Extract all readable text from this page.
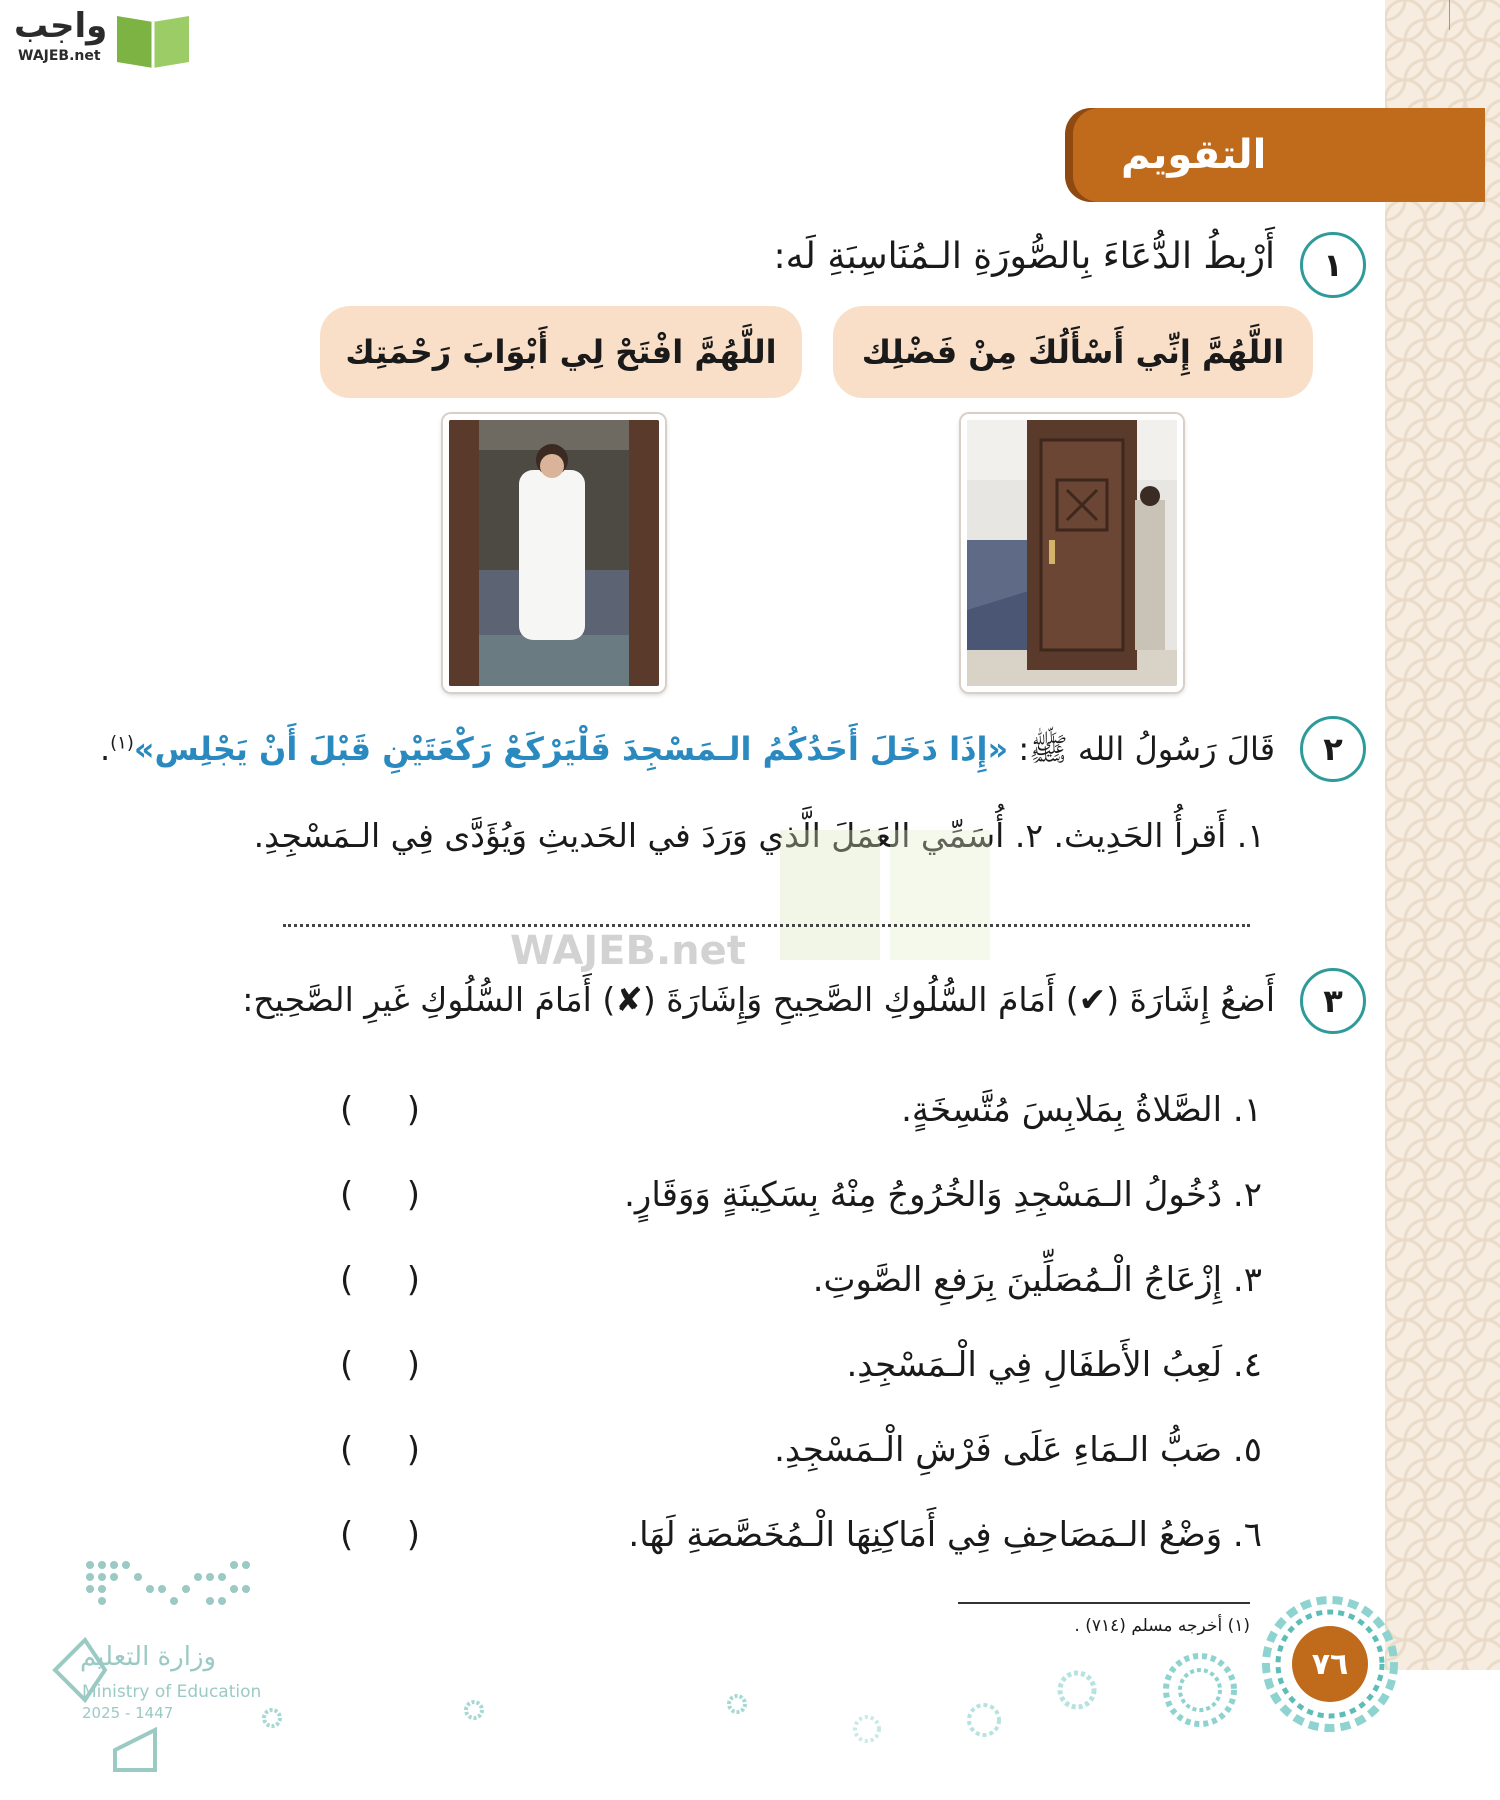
واجب
WAJEB.net
التقويم
١
أَرْبطُ الدُّعَاءَ بِالصُّورَةِ الـمُنَاسِبَةِ لَه:
اللَّهُمَّ إِنِّي أَسْأَلُكَ مِنْ فَضْلِك
اللَّهُمَّ افْتَحْ لِي أَبْوَابَ رَحْمَتِك
٢
قَالَ رَسُولُ الله ﷺ: «إِذَا دَخَلَ أَحَدُكُمُ الـمَسْجِدَ فَلْيَرْكَعْ رَكْعَتَيْنِ قَبْلَ أَنْ يَجْلِس»$^{(١)}$.
١. أَقرأُ الحَدِيث. ٢. أُسَمِّي العَمَلَ الَّذي وَرَدَ في الحَديثِ وَيُؤَدَّى فِي الـمَسْجِدِ.
WAJEB.net
٣
أَضعُ إِشَارَةَ (✔) أَمَامَ السُّلُوكِ الصَّحِيحِ وَإِشَارَةَ (✘) أَمَامَ السُّلُوكِ غَيرِ الصَّحِيح:
١. الصَّلاةُ بِمَلابِسَ مُتَّسِخَةٍ.
( )
٢. دُخُولُ الـمَسْجِدِ وَالخُرُوجُ مِنْهُ بِسَكِينَةٍ وَوَقَارٍ.
( )
٣. إِزْعَاجُ الْـمُصَلِّينَ بِرَفعِ الصَّوتِ.
( )
٤. لَعِبُ الأَطفَالِ فِي الْـمَسْجِدِ.
( )
٥. صَبُّ الـمَاءِ عَلَى فَرْشِ الْـمَسْجِدِ.
( )
٦. وَضْعُ الـمَصَاحِفِ فِي أَمَاكِنِهَا الْـمُخَصَّصَةِ لَهَا.
( )
(١) أخرجه مسلم (٧١٤) .
٧٦
وزارة التعليم
Ministry of Education
2025 - 1447
